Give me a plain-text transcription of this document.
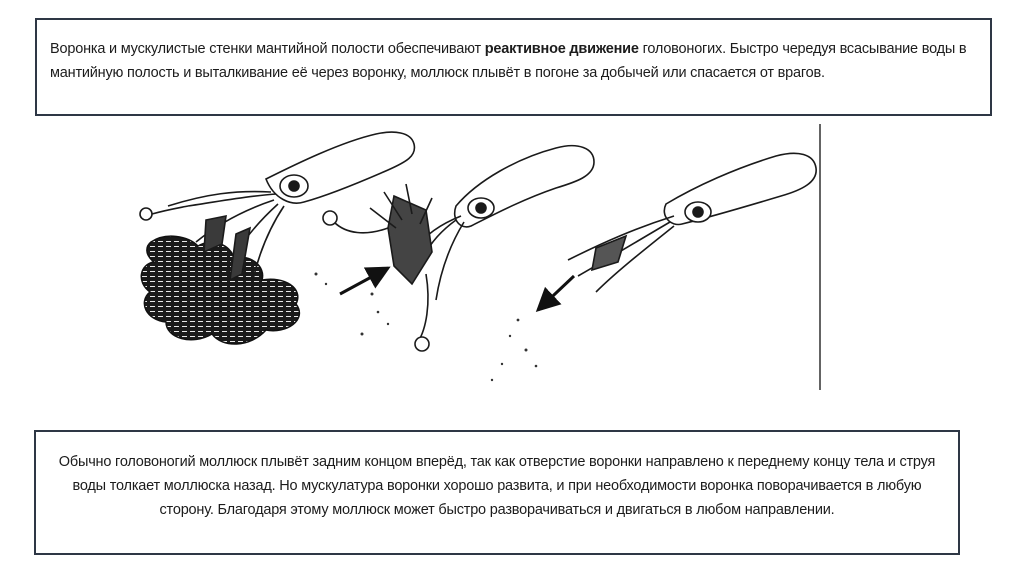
Воронка и мускулистые стенки мантийной полости обеспечивают реактивное движение головоногих. Быстро чередуя всасывание воды в мантийную полость и выталкивание её через воронку, моллюск плывёт в погоне за добычей или спасается от врагов.
Обычно головоногий моллюск плывёт задним концом вперёд, так как отверстие воронки направлено к переднему концу тела и струя воды толкает моллюска назад. Но мускулатура воронки хорошо развита, и при необходимости воронка поворачивается в любую сторону. Благодаря этому моллюск может быстро разворачиваться и двигаться в любом направлении.
